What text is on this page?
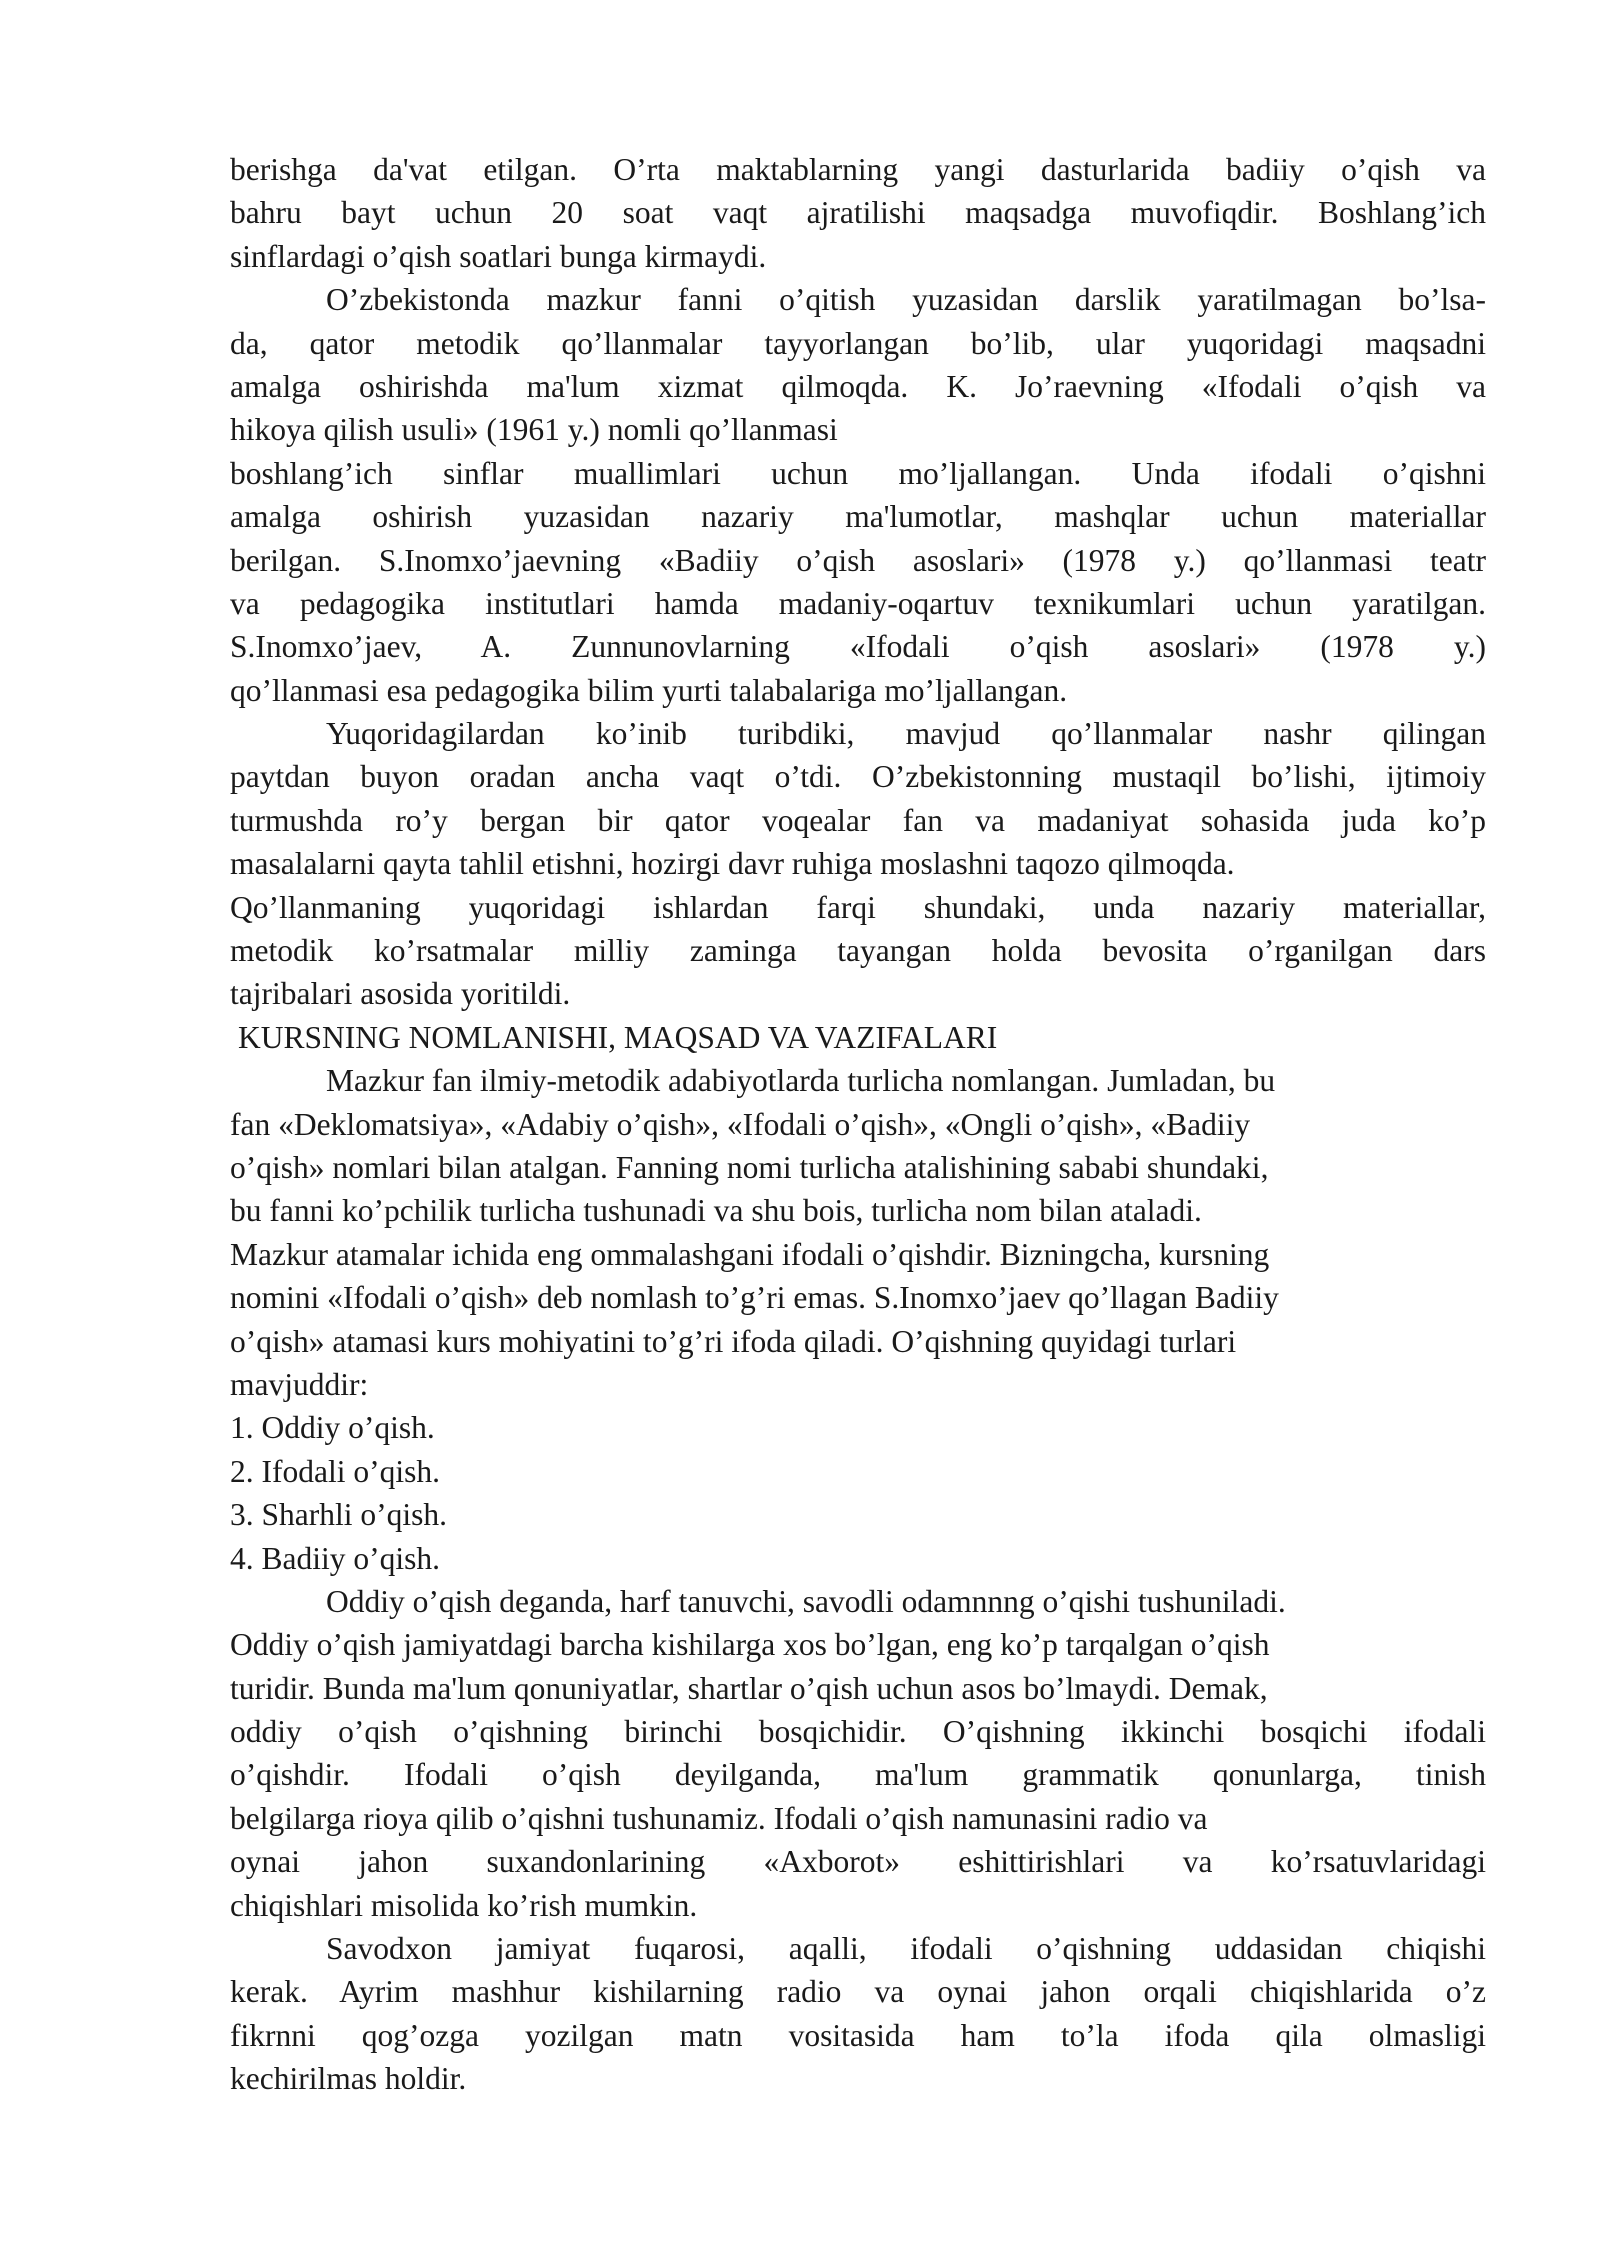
berishga da'vat etilgan. O’rta maktablarning yangi dasturlarida badiiy o’qish va
bahru bayt uchun 20 soat vaqt ajratilishi maqsadga muvofiqdir. Boshlang’ich
sinflardagi o’qish soatlari bunga kirmaydi.
O’zbekistonda mazkur fanni o’qitish yuzasidan darslik yaratilmagan bo’lsa-
da, qator metodik qo’llanmalar tayyorlangan bo’lib, ular yuqoridagi maqsadni
amalga oshirishda ma'lum xizmat qilmoqda. K. Jo’raevning «Ifodali o’qish va
hikoya qilish usuli» (1961 y.) nomli qo’llanmasi
boshlang’ich sinflar muallimlari uchun mo’ljallangan. Unda ifodali o’qishni
amalga oshirish yuzasidan nazariy ma'lumotlar, mashqlar uchun materiallar
berilgan. S.Inomxo’jaevning «Badiiy o’qish asoslari» (1978 y.) qo’llanmasi teatr
va pedagogika institutlari hamda madaniy-oqartuv texnikumlari uchun yaratilgan.
S.Inomxo’jaev, A. Zunnunovlarning «Ifodali o’qish asoslari» (1978 y.)
qo’llanmasi esa pedagogika bilim yurti talabalariga mo’ljallangan.
Yuqoridagilardan ko’inib turibdiki, mavjud qo’llanmalar nashr qilingan
paytdan buyon oradan ancha vaqt o’tdi. O’zbekistonning mustaqil bo’lishi, ijtimoiy
turmushda ro’y bergan bir qator voqealar fan va madaniyat sohasida juda ko’p
masalalarni qayta tahlil etishni, hozirgi davr ruhiga moslashni taqozo qilmoqda.
Qo’llanmaning yuqoridagi ishlardan farqi shundaki, unda nazariy materiallar,
metodik ko’rsatmalar milliy zaminga tayangan holda bevosita o’rganilgan dars
tajribalari asosida yoritildi.
KURSNING NOMLANISHI, MAQSAD VA VAZIFALARI
Mazkur fan ilmiy-metodik adabiyotlarda turlicha nomlangan. Jumladan, bu
fan «Deklomatsiya», «Adabiy o’qish», «Ifodali o’qish», «Ongli o’qish», «Badiiy
o’qish» nomlari bilan atalgan. Fanning nomi turlicha atalishining sababi shundaki,
bu fanni ko’pchilik turlicha tushunadi va shu bois, turlicha nom bilan ataladi.
Mazkur atamalar ichida eng ommalashgani ifodali o’qishdir. Bizningcha, kursning
nomini «Ifodali o’qish» deb nomlash to’g’ri emas. S.Inomxo’jaev qo’llagan Badiiy
o’qish» atamasi kurs mohiyatini to’g’ri ifoda qiladi. O’qishning quyidagi turlari
mavjuddir:
1. Oddiy o’qish.
2. Ifodali o’qish.
3. Sharhli o’qish.
4. Badiiy o’qish.
Oddiy o’qish deganda, harf tanuvchi, savodli odamnnng o’qishi tushuniladi.
Oddiy o’qish jamiyatdagi barcha kishilarga xos bo’lgan, eng ko’p tarqalgan o’qish
turidir. Bunda ma'lum qonuniyatlar, shartlar o’qish uchun asos bo’lmaydi. Demak,
oddiy o’qish o’qishning birinchi bosqichidir. O’qishning ikkinchi bosqichi ifodali
o’qishdir. Ifodali o’qish deyilganda, ma'lum grammatik qonunlarga, tinish
belgilarga rioya qilib o’qishni tushunamiz. Ifodali o’qish namunasini radio va
oynai jahon suxandonlarining «Axborot» eshittirishlari va ko’rsatuvlaridagi
chiqishlari misolida ko’rish mumkin.
Savodxon jamiyat fuqarosi, aqalli, ifodali o’qishning uddasidan chiqishi
kerak. Ayrim mashhur kishilarning radio va oynai jahon orqali chiqishlarida o’z
fikrnni qog’ozga yozilgan matn vositasida ham to’la ifoda qila olmasligi
kechirilmas holdir.
